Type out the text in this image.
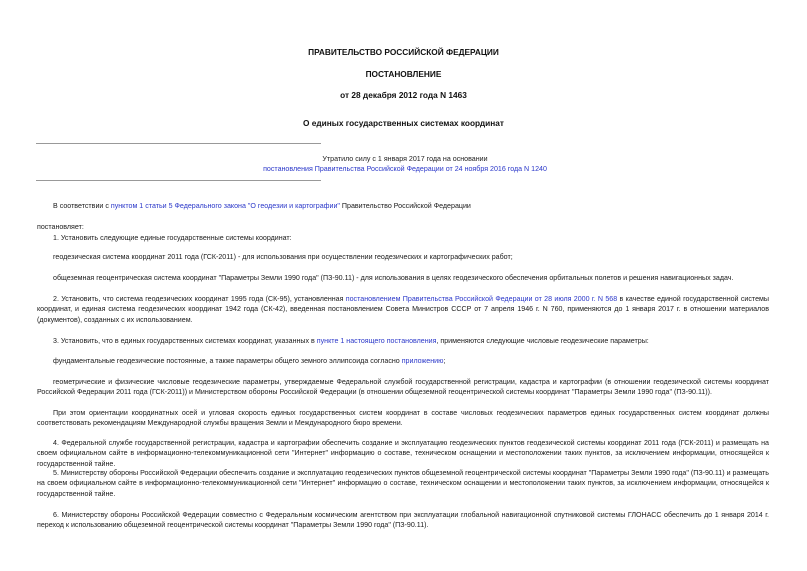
ПРАВИТЕЛЬСТВО РОССИЙСКОЙ ФЕДЕРАЦИИ
ПОСТАНОВЛЕНИЕ
от 28 декабря 2012 года N 1463
О единых государственных системах координат
Утратило силу с 1 января 2017 года на основании
постановления Правительства Российской Федерации от 24 ноября 2016 года N 1240
В соответствии с пунктом 1 статьи 5 Федерального закона "О геодезии и картографии" Правительство Российской Федерации
постановляет:
1. Установить следующие единые государственные системы координат:
геодезическая система координат 2011 года (ГСК-2011) - для использования при осуществлении геодезических и картографических работ;
общеземная геоцентрическая система координат "Параметры Земли 1990 года" (ПЗ-90.11) - для использования в целях геодезического обеспечения орбитальных полетов и решения навигационных задач.
2. Установить, что система геодезических координат 1995 года (СК-95), установленная постановлением Правительства Российской Федерации от 28 июля 2000 г. N 568 в качестве единой государственной системы координат, и единая система геодезических координат 1942 года (СК-42), введенная постановлением Совета Министров СССР от 7 апреля 1946 г. N 760, применяются до 1 января 2017 г. в отношении материалов (документов), созданных с их использованием.
3. Установить, что в единых государственных системах координат, указанных в пункте 1 настоящего постановления, применяются следующие числовые геодезические параметры:
фундаментальные геодезические постоянные, а также параметры общего земного эллипсоида согласно приложению;
геометрические и физические числовые геодезические параметры, утверждаемые Федеральной службой государственной регистрации, кадастра и картографии (в отношении геодезической системы координат Российской Федерации 2011 года (ГСК-2011)) и Министерством обороны Российской Федерации (в отношении общеземной геоцентрической системы координат "Параметры Земли 1990 года" (ПЗ-90.11)).
При этом ориентации координатных осей и угловая скорость единых государственных систем координат в составе числовых геодезических параметров единых государственных систем координат должны соответствовать рекомендациям Международной службы вращения Земли и Международного бюро времени.
4. Федеральной службе государственной регистрации, кадастра и картографии обеспечить создание и эксплуатацию геодезических пунктов геодезической системы координат 2011 года (ГСК-2011) и размещать на своем официальном сайте в информационно-телекоммуникационной сети "Интернет" информацию о составе, техническом оснащении и местоположении таких пунктов, за исключением информации, относящейся к государственной тайне.
5. Министерству обороны Российской Федерации обеспечить создание и эксплуатацию геодезических пунктов общеземной геоцентрической системы координат "Параметры Земли 1990 года" (ПЗ-90.11) и размещать на своем официальном сайте в информационно-телекоммуникационной сети "Интернет" информацию о составе, техническом оснащении и местоположении таких пунктов, за исключением информации, относящейся к государственной тайне.
6. Министерству обороны Российской Федерации совместно с Федеральным космическим агентством при эксплуатации глобальной навигационной спутниковой системы ГЛОНАСС обеспечить до 1 января 2014 г. переход к использованию общеземной геоцентрической системы координат "Параметры Земли 1990 года" (ПЗ-90.11).
